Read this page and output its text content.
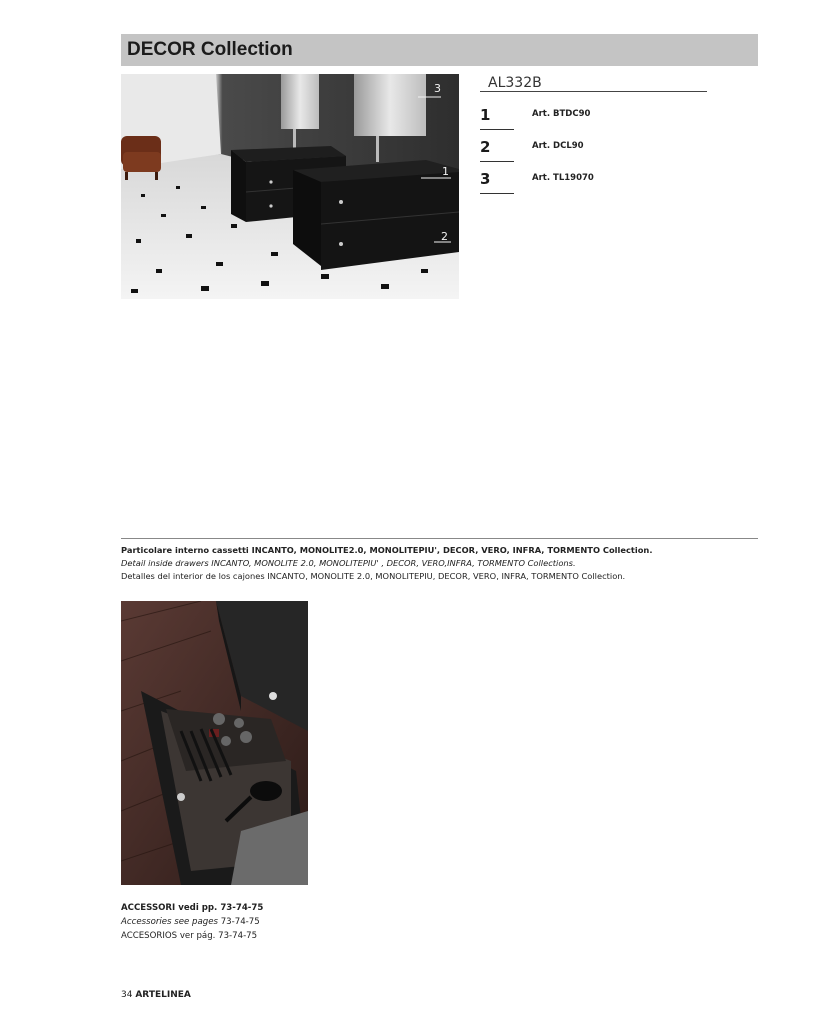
DECOR Collection
3
1
2
AL332B
1	Art. BTDC90
2	Art. DCL90
3	Art. TL19070
Particolare interno cassetti INCANTO, MONOLITE2.0, MONOLITEPIU', DECOR, VERO, INFRA, TORMENTO Collection.
Detail inside drawers INCANTO, MONOLITE 2.0, MONOLITEPIU' , DECOR, VERO,INFRA, TORMENTO Collections.
Detalles del interior de los cajones INCANTO, MONOLITE 2.0, MONOLITEPIU, DECOR, VERO, INFRA, TORMENTO Collection.
ACCESSORI vedi pp. 73-74-75
Accessories see pages 73-74-75
ACCESORIOS ver pág. 73-74-75
34 ARTELINEA
